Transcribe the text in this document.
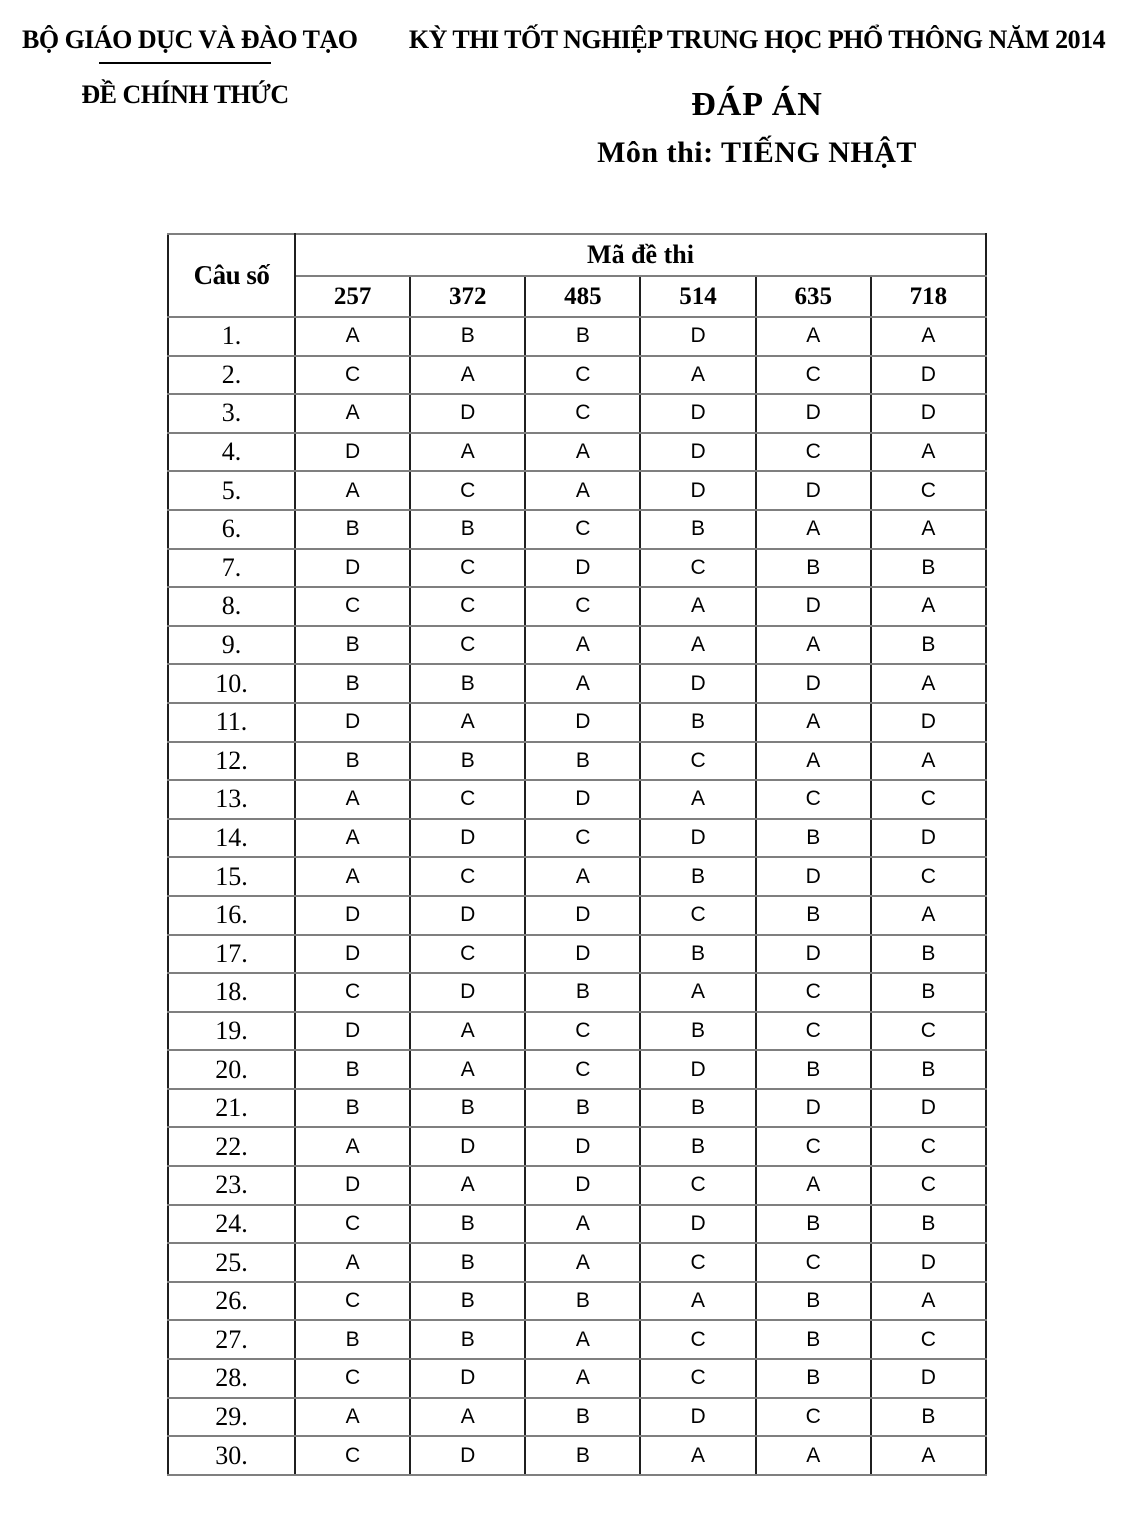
BỘ GIÁO DỤC VÀ ĐÀO TẠO
ĐỀ CHÍNH THỨC
KỲ THI TỐT NGHIỆP TRUNG HỌC PHỔ THÔNG NĂM 2014
ĐÁP ÁN
Môn thi: TIẾNG NHẬT
Câu số	Mã đề thi					
	257	372	485	514	635	718
1.	A	B	B	D	A	A
2.	C	A	C	A	C	D
3.	A	D	C	D	D	D
4.	D	A	A	D	C	A
5.	A	C	A	D	D	C
6.	B	B	C	B	A	A
7.	D	C	D	C	B	B
8.	C	C	C	A	D	A
9.	B	C	A	A	A	B
10.	B	B	A	D	D	A
11.	D	A	D	B	A	D
12.	B	B	B	C	A	A
13.	A	C	D	A	C	C
14.	A	D	C	D	B	D
15.	A	C	A	B	D	C
16.	D	D	D	C	B	A
17.	D	C	D	B	D	B
18.	C	D	B	A	C	B
19.	D	A	C	B	C	C
20.	B	A	C	D	B	B
21.	B	B	B	B	D	D
22.	A	D	D	B	C	C
23.	D	A	D	C	A	C
24.	C	B	A	D	B	B
25.	A	B	A	C	C	D
26.	C	B	B	A	B	A
27.	B	B	A	C	B	C
28.	C	D	A	C	B	D
29.	A	A	B	D	C	B
30.	C	D	B	A	A	A
